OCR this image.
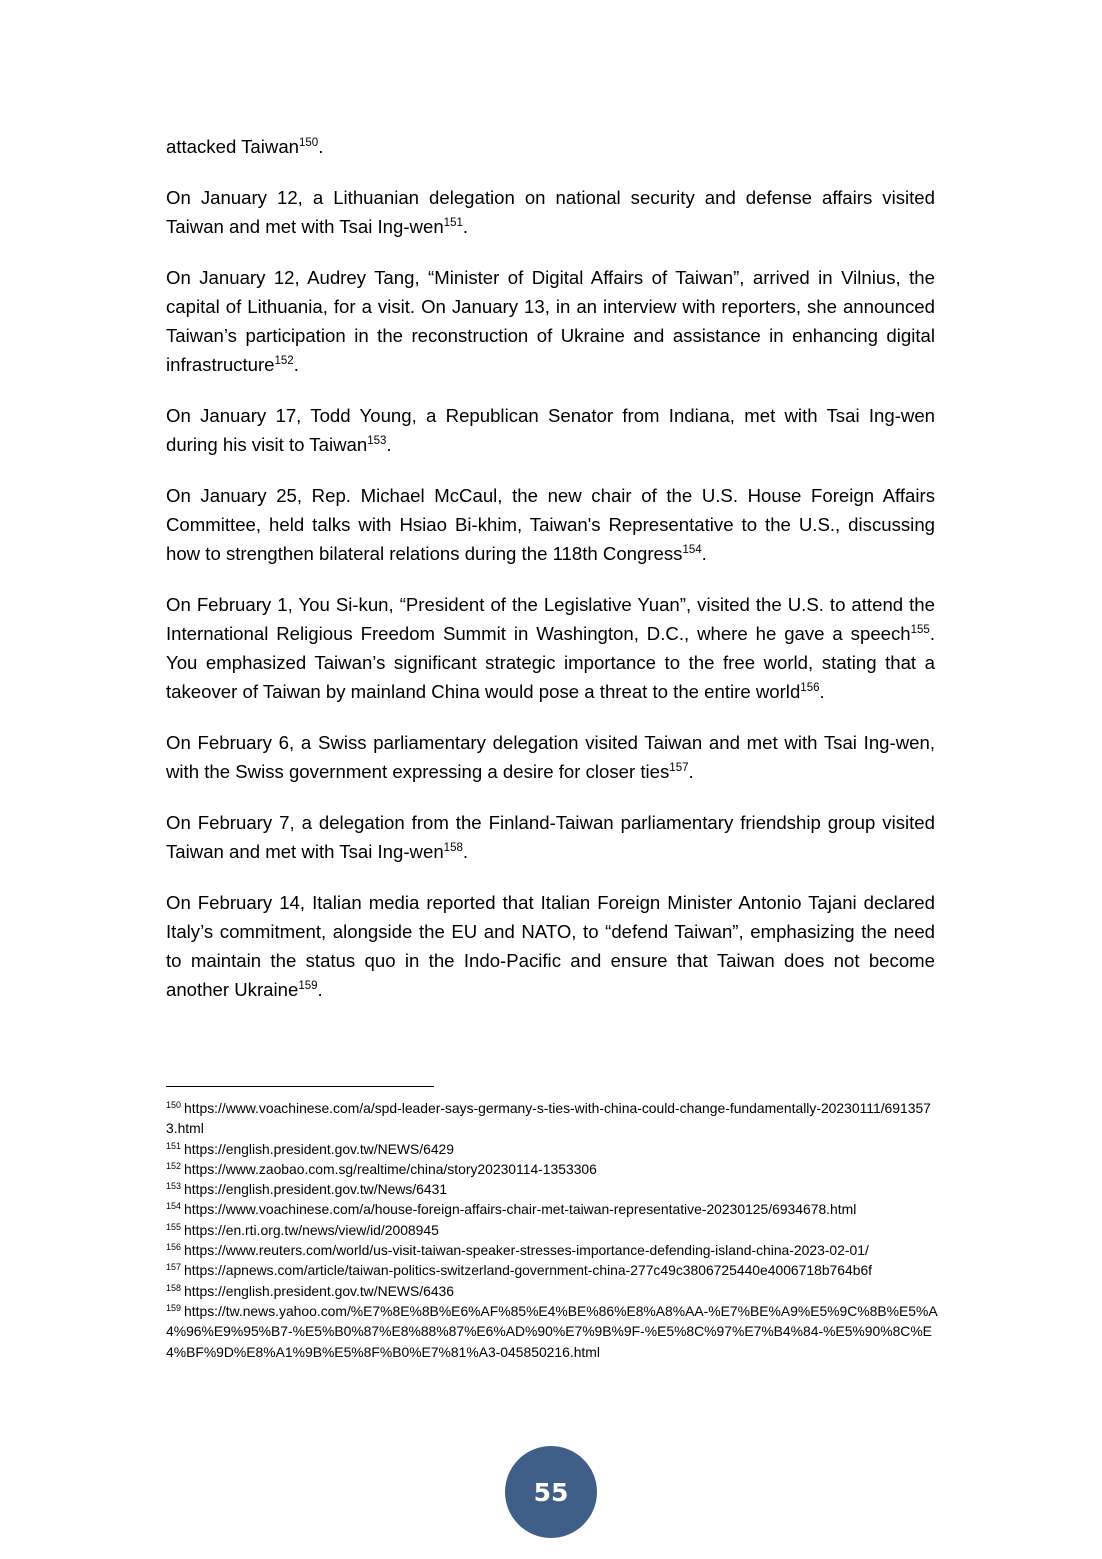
attacked Taiwan$^{150}$.

On January 12, a Lithuanian delegation on national security and defense affairs visited Taiwan and met with Tsai Ing-wen$^{151}$.

On January 12, Audrey Tang, “Minister of Digital Affairs of Taiwan”, arrived in Vilnius, the capital of Lithuania, for a visit. On January 13, in an interview with reporters, she announced Taiwan’s participation in the reconstruction of Ukraine and assistance in enhancing digital infrastructure$^{152}$.

On January 17, Todd Young, a Republican Senator from Indiana, met with Tsai Ing-wen during his visit to Taiwan$^{153}$.

On January 25, Rep. Michael McCaul, the new chair of the U.S. House Foreign Affairs Committee, held talks with Hsiao Bi-khim, Taiwan's Representative to the U.S., discussing how to strengthen bilateral relations during the 118th Congress$^{154}$.

On February 1, You Si-kun, “President of the Legislative Yuan”, visited the U.S. to attend the International Religious Freedom Summit in Washington, D.C., where he gave a speech$^{155}$. You emphasized Taiwan’s significant strategic importance to the free world, stating that a takeover of Taiwan by mainland China would pose a threat to the entire world$^{156}$.

On February 6, a Swiss parliamentary delegation visited Taiwan and met with Tsai Ing-wen, with the Swiss government expressing a desire for closer ties$^{157}$.

On February 7, a delegation from the Finland-Taiwan parliamentary friendship group visited Taiwan and met with Tsai Ing-wen$^{158}$.

On February 14, Italian media reported that Italian Foreign Minister Antonio Tajani declared Italy’s commitment, alongside the EU and NATO, to “defend Taiwan”, emphasizing the need to maintain the status quo in the Indo-Pacific and ensure that Taiwan does not become another Ukraine$^{159}$.

$^{150}$ https://www.voachinese.com/a/spd-leader-says-germany-s-ties-with-china-could-change-fundamentally-20230111/6913573.html

$^{151}$ https://english.president.gov.tw/NEWS/6429

$^{152}$ https://www.zaobao.com.sg/realtime/china/story20230114-1353306

$^{153}$ https://english.president.gov.tw/News/6431

$^{154}$ https://www.voachinese.com/a/house-foreign-affairs-chair-met-taiwan-representative-20230125/6934678.html

$^{155}$ https://en.rti.org.tw/news/view/id/2008945

$^{156}$ https://www.reuters.com/world/us-visit-taiwan-speaker-stresses-importance-defending-island-china-2023-02-01/

$^{157}$ https://apnews.com/article/taiwan-politics-switzerland-government-china-277c49c3806725440e4006718b764b6f

$^{158}$ https://english.president.gov.tw/NEWS/6436

$^{159}$ https://tw.news.yahoo.com/%E7%8E%8B%E6%AF%85%E4%BE%86%E8%A8%AA-%E7%BE%A9%E5%9C%8B%E5%A4%96%E9%95%B7-%E5%B0%87%E8%88%87%E6%AD%90%E7%9B%9F-%E5%8C%97%E7%B4%84-%E5%90%8C%E4%BF%9D%E8%A1%9B%E5%8F%B0%E7%81%A3-045850216.html

55
